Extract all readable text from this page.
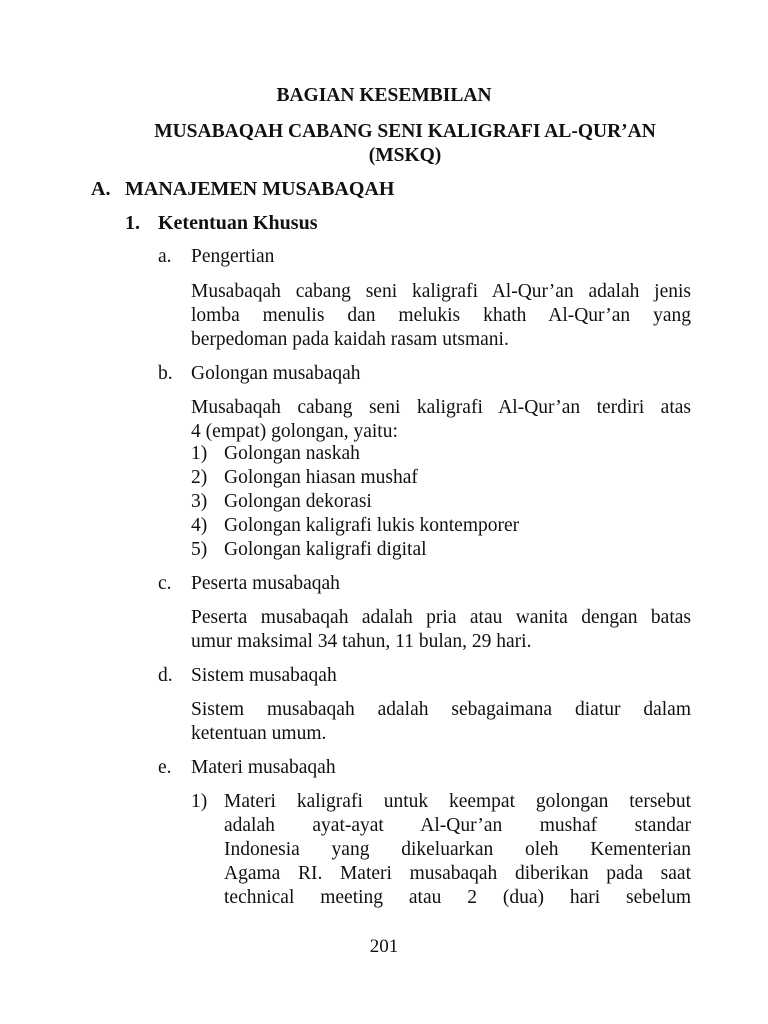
BAGIAN KESEMBILAN
MUSABAQAH CABANG SENI KALIGRAFI AL-QUR’AN
(MSKQ)
A. MANAJEMEN MUSABAQAH
1. Ketentuan Khusus
a. Pengertian
Musabaqah cabang seni kaligrafi Al-Qur’an adalah jenis
lomba menulis dan melukis khath Al-Qur’an yang
berpedoman pada kaidah rasam utsmani.
b. Golongan musabaqah
Musabaqah cabang seni kaligrafi Al-Qur’an terdiri atas
4 (empat) golongan, yaitu:
1) Golongan naskah
2) Golongan hiasan mushaf
3) Golongan dekorasi
4) Golongan kaligrafi lukis kontemporer
5) Golongan kaligrafi digital
c. Peserta musabaqah
Peserta musabaqah adalah pria atau wanita dengan batas
umur maksimal 34 tahun, 11 bulan, 29 hari.
d. Sistem musabaqah
Sistem musabaqah adalah sebagaimana diatur dalam
ketentuan umum.
e. Materi musabaqah
1) Materi kaligrafi untuk keempat golongan tersebut
adalah ayat-ayat Al-Qur’an mushaf standar
Indonesia yang dikeluarkan oleh Kementerian
Agama RI. Materi musabaqah diberikan pada saat
technical meeting atau 2 (dua) hari sebelum
201
